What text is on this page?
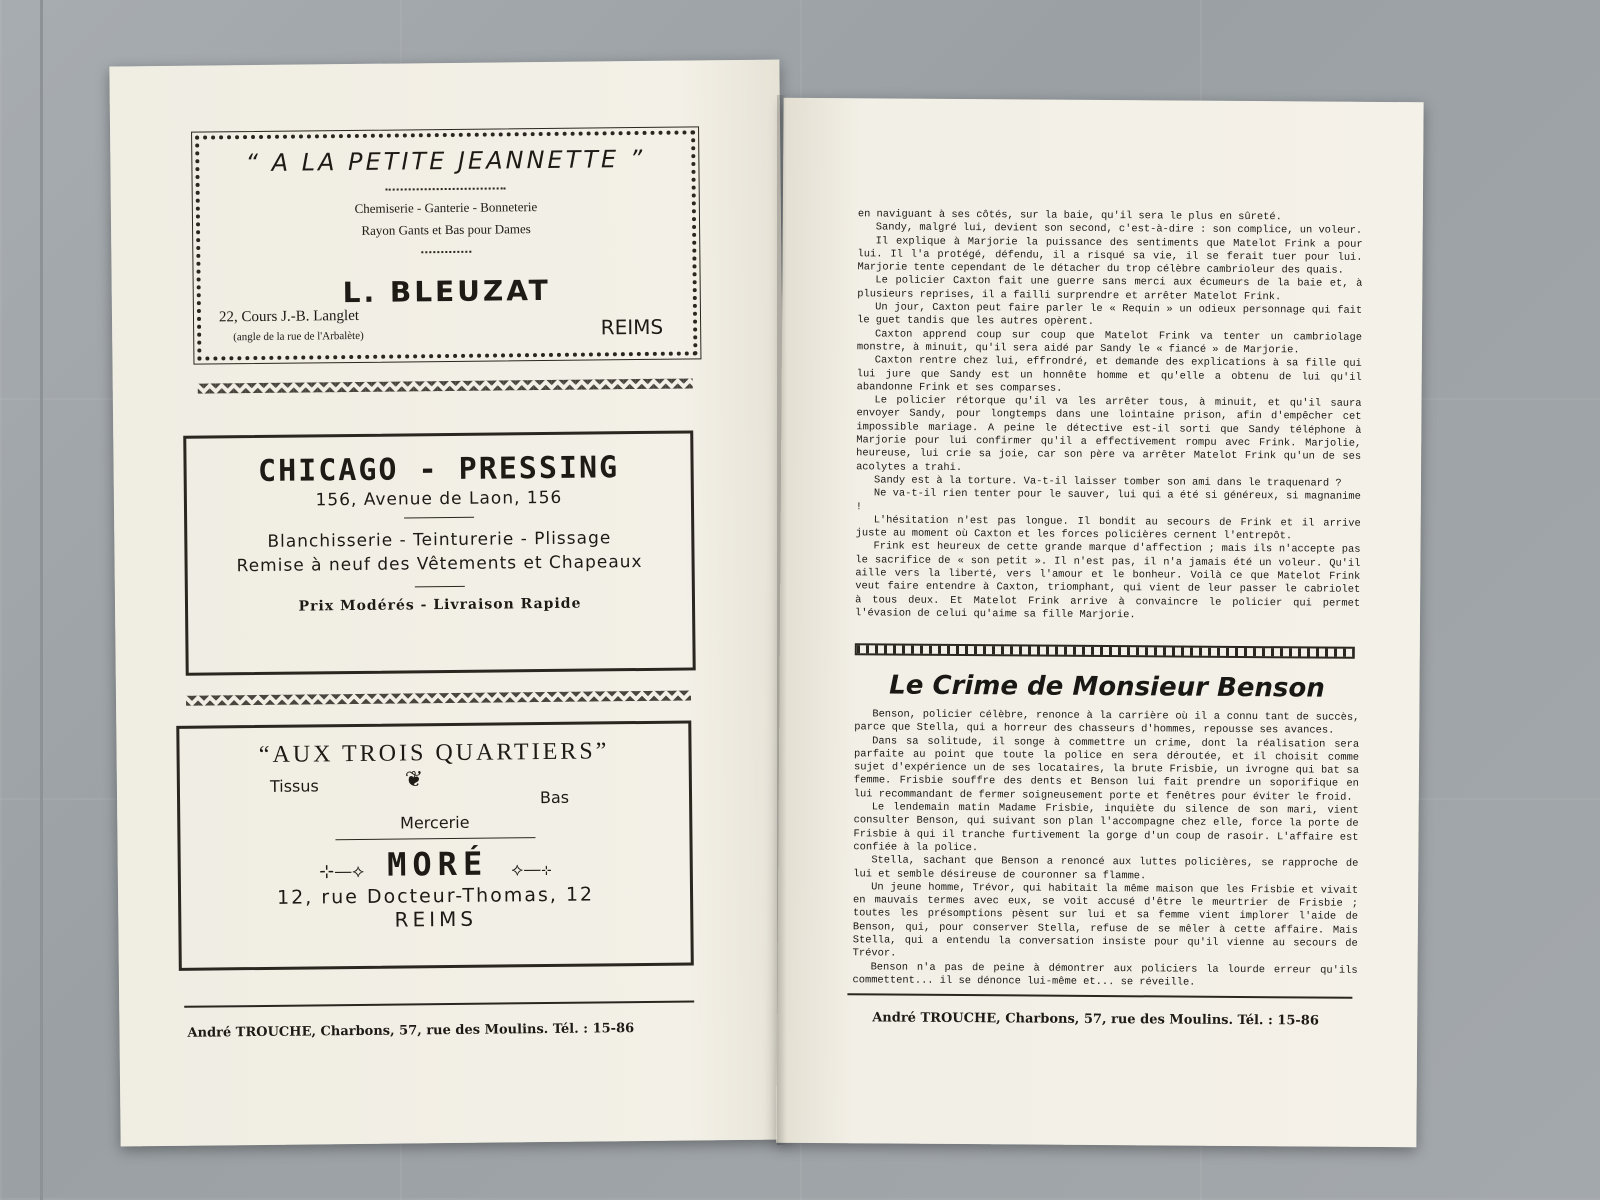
“ A LA PETITE JEANNETTE ”
Chemiserie - Ganterie - Bonneterie
Rayon Gants et Bas pour Dames
L. BLEUZAT
22, Cours J.-B. Langlet
(angle de la rue de l'Arbalète)	REIMS
CHICAGO - PRESSING
156, Avenue de Laon, 156
Blanchisserie - Teinturerie - Plissage
Remise à neuf des Vêtements et Chapeaux
Prix Modérés - Livraison Rapide
“AUX TROIS QUARTIERS”
Tissus	❦
Bas
Mercerie
⊹—⟡ MORÉ ⟡—⊹
12, rue Docteur-Thomas, 12
REIMS
André TROUCHE, Charbons, 57, rue des Moulins. Tél. : 15-86

en naviguant à ses côtés, sur la baie, qu'il sera le plus en sûreté.

Sandy, malgré lui, devient son second, c'est-à-dire : son complice, un voleur.

Il explique à Marjorie la puissance des sentiments que Matelot Frink a pour lui. Il l'a protégé, défendu, il a risqué sa vie, il se ferait tuer pour lui. Marjorie tente cependant de le détacher du trop célèbre cambrioleur des quais.

Le policier Caxton fait une guerre sans merci aux écumeurs de la baie et, à plusieurs reprises, il a failli surprendre et arrêter Matelot Frink.

Un jour, Caxton peut faire parler le « Requin » un odieux personnage qui fait le guet tandis que les autres opèrent.

Caxton apprend coup sur coup que Matelot Frink va tenter un cambriolage monstre, à minuit, qu'il sera aidé par Sandy le « fiancé » de Marjorie.

Caxton rentre chez lui, effrondré, et demande des explications à sa fille qui lui jure que Sandy est un honnête homme et qu'elle a obtenu de lui qu'il abandonne Frink et ses comparses.

Le policier rétorque qu'il va les arrêter tous, à minuit, et qu'il saura envoyer Sandy, pour longtemps dans une lointaine prison, afin d'empêcher cet impossible mariage. A peine le détective est-il sorti que Sandy téléphone à Marjorie pour lui confirmer qu'il a effectivement rompu avec Frink. Marjolie, heureuse, lui crie sa joie, car son père va arrêter Matelot Frink qu'un de ses acolytes a trahi.

Sandy est à la torture. Va-t-il laisser tomber son ami dans le traquenard ?

Ne va-t-il rien tenter pour le sauver, lui qui a été si généreux, si magnanime !

L'hésitation n'est pas longue. Il bondit au secours de Frink et il arrive juste au moment où Caxton et les forces policières cernent l'entrepôt.

Frink est heureux de cette grande marque d'affection ; mais ils n'accepte pas le sacrifice de « son petit ». Il n'est pas, il n'a jamais été un voleur. Qu'il aille vers la liberté, vers l'amour et le bonheur. Voilà ce que Matelot Frink veut faire entendre à Caxton, triomphant, qui vient de leur passer le cabriolet à tous deux. Et Matelot Frink arrive à convaincre le policier qui permet l'évasion de celui qu'aime sa fille Marjorie.

Le Crime de Monsieur Benson

Benson, policier célèbre, renonce à la carrière où il a connu tant de succès, parce que Stella, qui a horreur des chasseurs d'hommes, repousse ses avances.

Dans sa solitude, il songe à commettre un crime, dont la réalisation sera parfaite au point que toute la police en sera déroutée, et il choisit comme sujet d'expérience un de ses locataires, la brute Frisbie, un ivrogne qui bat sa femme. Frisbie souffre des dents et Benson lui fait prendre un soporifique en lui recommandant de fermer soigneusement porte et fenêtres pour éviter le froid.

Le lendemain matin Madame Frisbie, inquiète du silence de son mari, vient consulter Benson, qui suivant son plan l'accompagne chez elle, force la porte de Frisbie à qui il tranche furtivement la gorge d'un coup de rasoir. L'affaire est confiée à la police.

Stella, sachant que Benson a renoncé aux luttes policières, se rapproche de lui et semble désireuse de couronner sa flamme.

Un jeune homme, Trévor, qui habitait la même maison que les Frisbie et vivait en mauvais termes avec eux, se voit accusé d'être le meurtrier de Frisbie ; toutes les présomptions pèsent sur lui et sa femme vient implorer l'aide de Benson, qui, pour conserver Stella, refuse de se mêler à cette affaire. Mais Stella, qui a entendu la conversation insiste pour qu'il vienne au secours de Trévor.

Benson n'a pas de peine à démontrer aux policiers la lourde erreur qu'ils commettent... il se dénonce lui-même et... se réveille.

André TROUCHE, Charbons, 57, rue des Moulins. Tél. : 15-86
